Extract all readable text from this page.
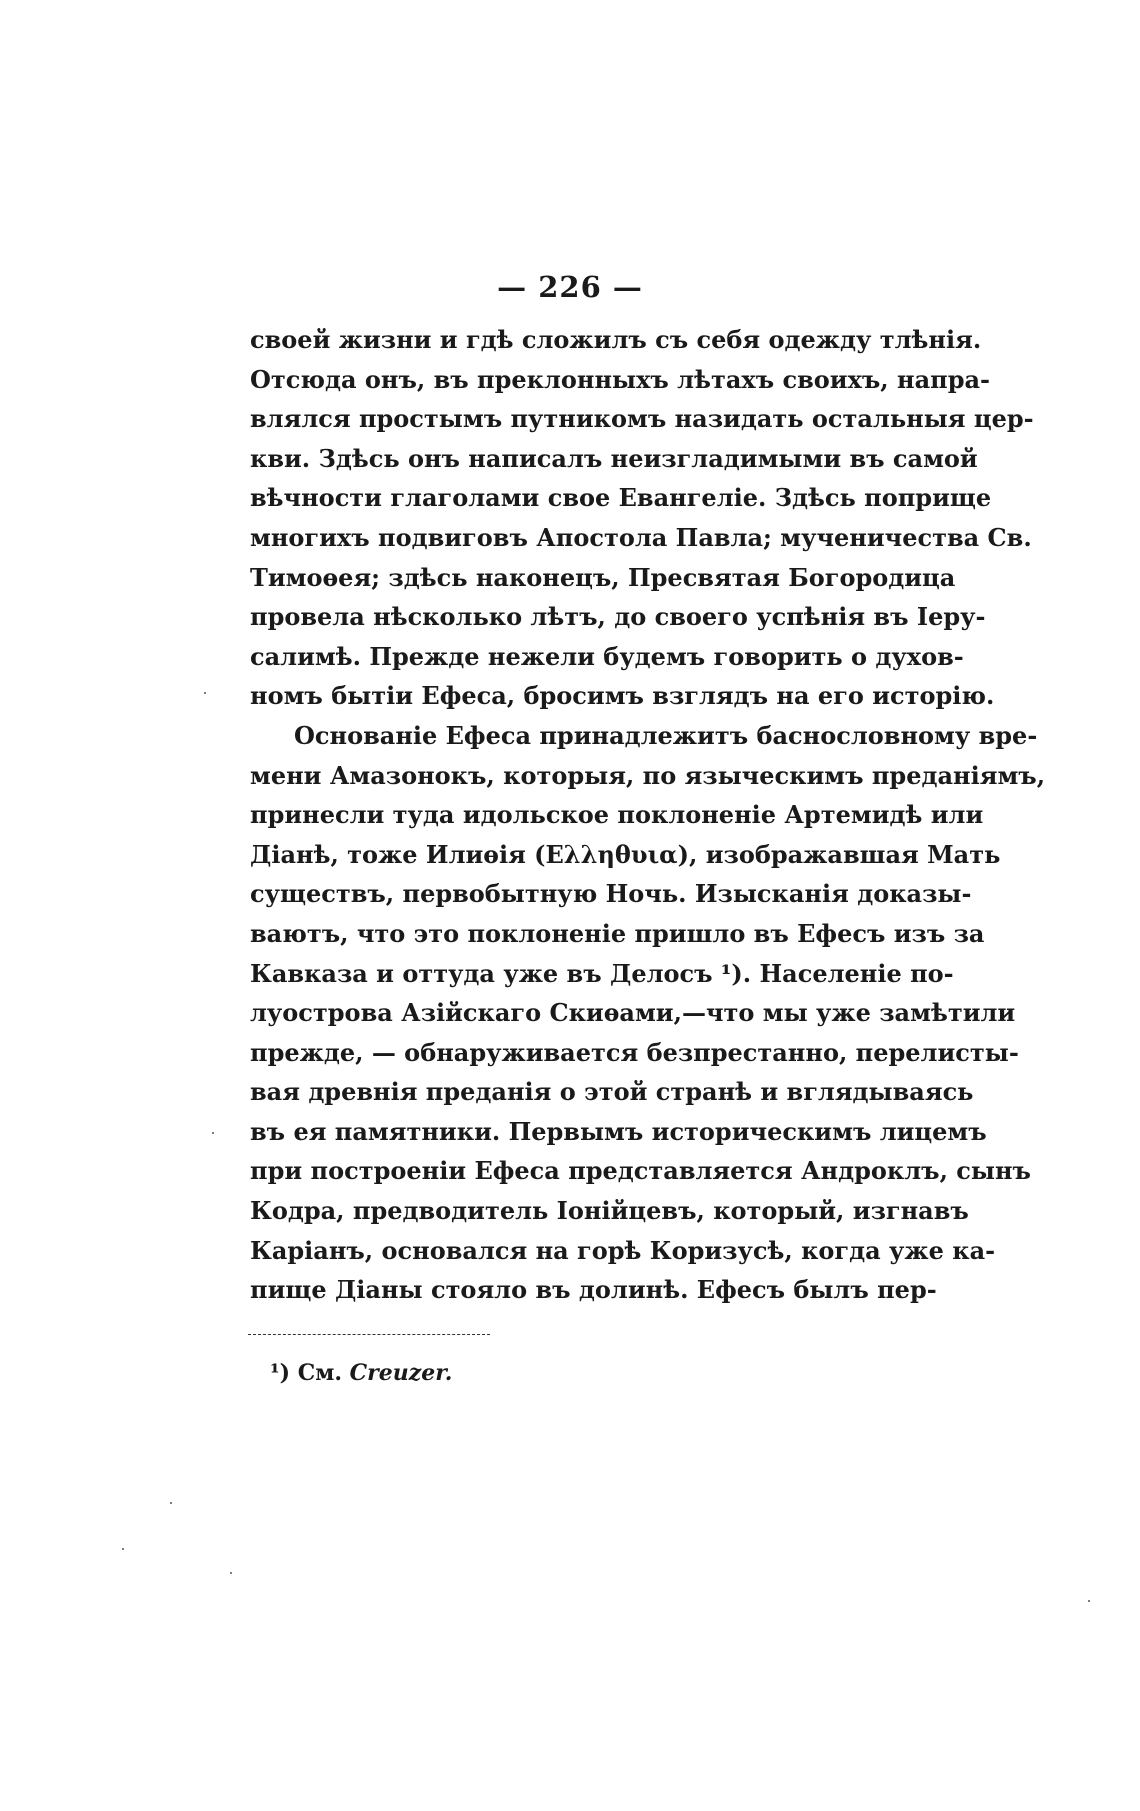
— 226 —
своей жизни и гдѣ сложилъ съ себя одежду тлѣнія.
Отсюда онъ, въ преклонныхъ лѣтахъ своихъ, напра-
влялся простымъ путникомъ назидать остальныя цер-
кви. Здѣсь онъ написалъ неизгладимыми въ самой
вѣчности глаголами свое Евангеліе. Здѣсь поприще
многихъ подвиговъ Апостола Павла; мученичества Св.
Тимоѳея; здѣсь наконецъ, Пресвятая Богородица
провела нѣсколько лѣтъ, до своего успѣнія въ Іеру-
салимѣ. Прежде нежели будемъ говорить о духов-
номъ бытіи Ефеса, бросимъ взглядъ на его исторію.
Основаніе Ефеса принадлежитъ баснословному вре-
мени Амазонокъ, которыя, по языческимъ преданіямъ,
принесли туда идольское поклоненіе Артемидѣ или
Діанѣ, тоже Илиѳія (Ελληθυια), изображавшая Мать
существъ, первобытную Ночь. Изысканія доказы-
ваютъ, что это поклоненіе пришло въ Ефесъ изъ за
Кавказа и оттуда уже въ Делосъ ¹). Населеніе по-
луострова Азійскаго Скиѳами,—что мы уже замѣтили
прежде, — обнаруживается безпрестанно, перелисты-
вая древнія преданія о этой странѣ и вглядываясь
въ ея памятники. Первымъ историческимъ лицемъ
при построеніи Ефеса представляется Андроклъ, сынъ
Кодра, предводитель Іонійцевъ, который, изгнавъ
Каріанъ, основался на горѣ Коризусѣ, когда уже ка-
пище Діаны стояло въ долинѣ. Ефесъ былъ пер-
¹) См. Creuzer.
